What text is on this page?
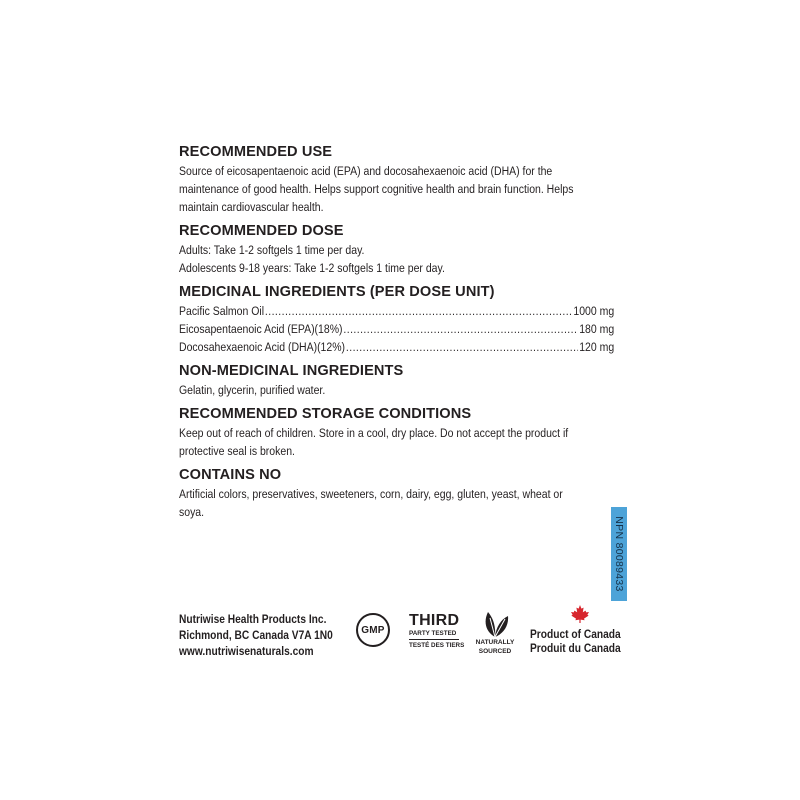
RECOMMENDED USE

Source of eicosapentaenoic acid (EPA) and docosahexaenoic acid (DHA) for the

maintenance of good health. Helps support cognitive health and brain function. Helps

maintain cardiovascular health.

RECOMMENDED DOSE

Adults: Take 1-2 softgels 1 time per day.

Adolescents 9-18 years: Take 1-2 softgels 1 time per day.

MEDICINAL INGREDIENTS (PER DOSE UNIT)
Pacific Salmon Oil .....	1000 mg
Eicosapentaenoic Acid (EPA)(18%) .....	180 mg
Docosahexaenoic Acid (DHA)(12%) .....	120 mg
NON-MEDICINAL INGREDIENTS

Gelatin, glycerin, purified water.

RECOMMENDED STORAGE CONDITIONS

Keep out of reach of children. Store in a cool, dry place. Do not accept the product if

protective seal is broken.

CONTAINS NO

Artificial colors, preservatives, sweeteners, corn, dairy, egg, gluten, yeast, wheat or

soya.

NPN 80089433
Nutriwise Health Products Inc.
Richmond, BC Canada V7A 1N0
www.nutriwisenaturals.com
GMP
THIRD
PARTY TESTED
TESTÉ DES TIERS	NATURALLY
SOURCED
Product of Canada
Produit du Canada
